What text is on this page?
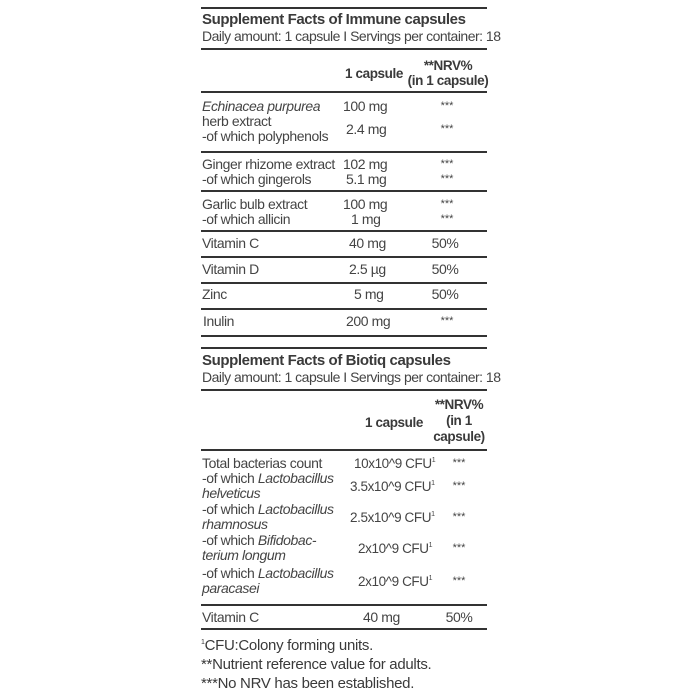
Supplement Facts of Immune capsules
Daily amount: 1 capsule I Servings per container: 18
1 capsule
**NRV%
(in 1 capsule)
Echinacea purpurea 100 mg	***
herb extract
-of which polyphenols 2.4 mg	***
Ginger rhizome extract 102 mg	***
-of which gingerols 5.1 mg	***
Garlic bulb extract	100 mg	***
-of which allicin	1 mg	***
Vitamin C	40 mg	50%
Vitamin D	2.5 µg	50%
Zinc	5 mg	50%
Inulin	200 mg	***
Supplement Facts of Biotiq capsules
Daily amount: 1 capsule I Servings per container: 18
1 capsule
**NRV%
(in 1
capsule)
Total bacterias count 10x10^9 CFU$^1$	***
-of which Lactobacillus
helveticus	3.5x10^9 CFU$^1$	***
-of which Lactobacillus
rhamnosus	2.5x10^9 CFU$^1$	***
-of which Bifidobac-
terium longum	2x10^9 CFU$^1$	***
-of which Lactobacillus
paracasei	2x10^9 CFU$^1$	***
Vitamin C	40 mg	50%
$^1$CFU:Colony forming units.
**Nutrient reference value for adults.
***No NRV has been established.
